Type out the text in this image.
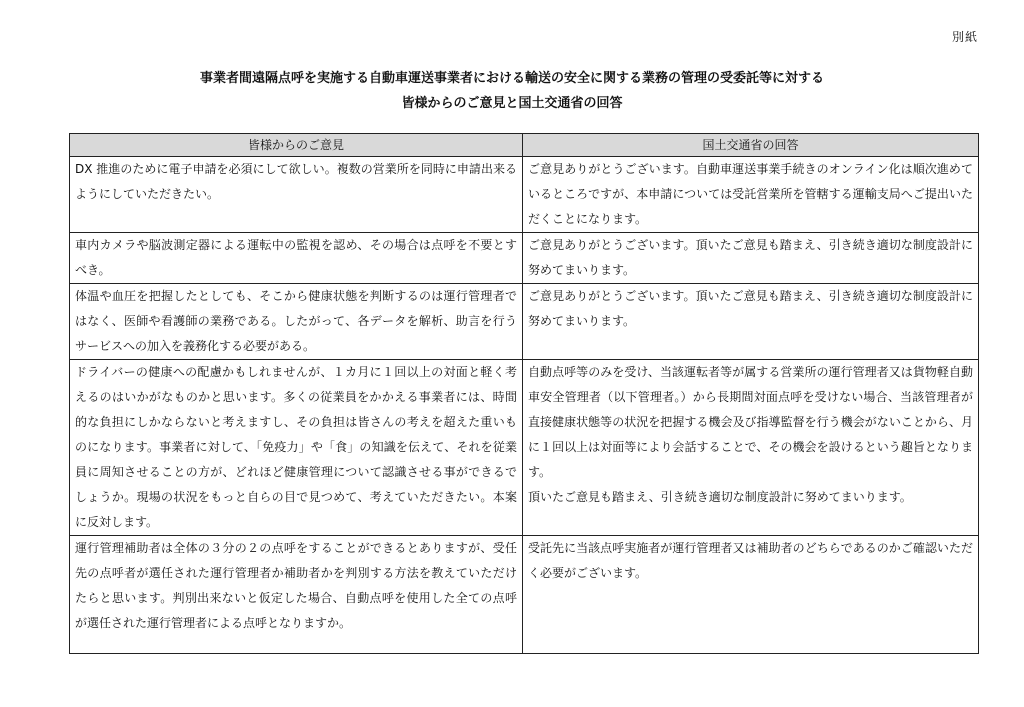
別紙
事業者間遠隔点呼を実施する自動車運送事業者における輸送の安全に関する業務の管理の受委託等に対する
皆様からのご意見と国土交通省の回答
皆様からのご意見	国土交通省の回答
DX 推進のために電子申請を必須にして欲しい。複数の営業所を同時に申請出来るようにしていただきたい。	ご意見ありがとうございます。自動車運送事業手続きのオンライン化は順次進めているところですが、本申請については受託営業所を管轄する運輸支局へご提出いただくことになります。
車内カメラや脳波測定器による運転中の監視を認め、その場合は点呼を不要とすべき。	ご意見ありがとうございます。頂いたご意見も踏まえ、引き続き適切な制度設計に努めてまいります。
体温や血圧を把握したとしても、そこから健康状態を判断するのは運行管理者ではなく、医師や看護師の業務である。したがって、各データを解析、助言を行うサービスへの加入を義務化する必要がある。	ご意見ありがとうございます。頂いたご意見も踏まえ、引き続き適切な制度設計に努めてまいります。
ドライバーの健康への配慮かもしれませんが、１カ月に１回以上の対面と軽く考えるのはいかがなものかと思います。多くの従業員をかかえる事業者には、時間的な負担にしかならないと考えますし、その負担は皆さんの考えを超えた重いものになります。事業者に対して、「免疫力」や「食」の知識を伝えて、それを従業員に周知させることの方が、どれほど健康管理について認識させる事ができるでしょうか。現場の状況をもっと自らの目で見つめて、考えていただきたい。本案に反対します。	自動点呼等のみを受け、当該運転者等が属する営業所の運行管理者又は貨物軽自動車安全管理者（以下管理者。）から長期間対面点呼を受けない場合、当該管理者が直接健康状態等の状況を把握する機会及び指導監督を行う機会がないことから、月に１回以上は対面等により会話することで、その機会を設けるという趣旨となります。
頂いたご意見も踏まえ、引き続き適切な制度設計に努めてまいります。

運行管理補助者は全体の３分の２の点呼をすることができるとありますが、受任先の点呼者が選任された運行管理者か補助者かを判別する方法を教えていただけたらと思います。判別出来ないと仮定した場合、自動点呼を使用した全ての点呼が選任された運行管理者による点呼となりますか。	受託先に当該点呼実施者が運行管理者又は補助者のどちらであるのかご確認いただく必要がございます。
